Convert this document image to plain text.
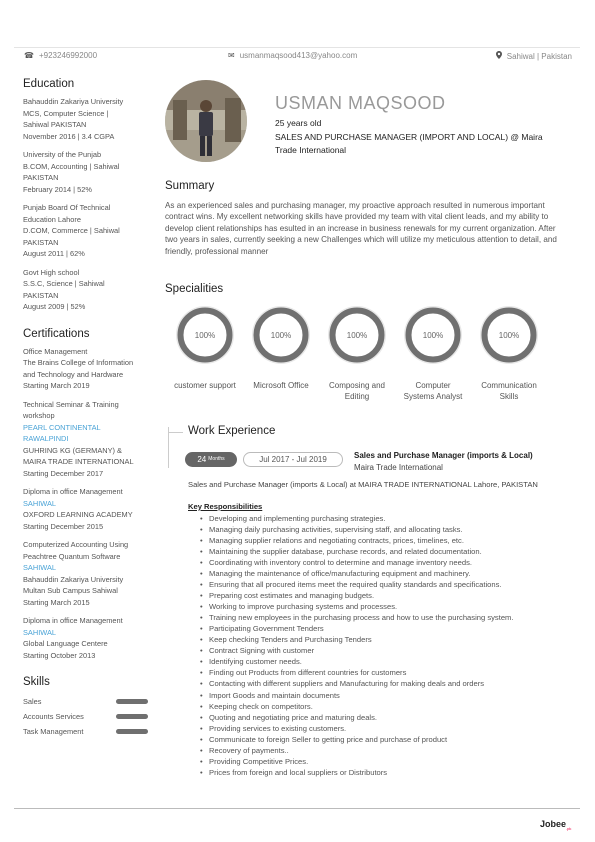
☎ +923246992000	✉ usmanmaqsood413@yahoo.com	Sahiwal | Pakistan
Education
Bahauddin Zakariya University
MCS, Computer Science |
Sahiwal PAKISTAN
November 2016 | 3.4 CGPA
University of the Punjab
B.COM, Accounting | Sahiwal
PAKISTAN
February 2014 | 52%
Punjab Board Of Technical
Education Lahore
D.COM, Commerce | Sahiwal
PAKISTAN
August 2011 | 62%
Govt High school
S.S.C, Science | Sahiwal
PAKISTAN
August 2009 | 52%
Certifications
Office Management
The Brains College of Information
and Technology and Hardware
Starting March 2019
Technical Seminar & Training
workshop
PEARL CONTINENTAL
RAWALPINDI
GUHRING KG (GERMANY) &
MAIRA TRADE INTERNATIONAL
Starting December 2017
Diploma in office Management
SAHIWAL
OXFORD LEARNING ACADEMY
Starting December 2015
Computerized Accounting Using
Peachtree Quantum Software
SAHIWAL
Bahauddin Zakariya University
Multan Sub Campus Sahiwal
Starting March 2015
Diploma in office Management
SAHIWAL
Global Language Centere
Starting October 2013
Skills
Sales
Accounts Services
Task Management
USMAN MAQSOOD
25 years old
SALES AND PURCHASE MANAGER (IMPORT AND LOCAL) @ Maira Trade International
Summary
As an experienced sales and purchasing manager, my proactive approach resulted in numerous important contract wins. My excellent networking skills have provided my team with vital client leads, and my ability to develop client relationships has esulted in an increase in business renewals for my current organization. After two years in sales, currently seeking a new Challenges which will utilize my meticulous attention to detail, and friendly, professional manner
Specialities
100%
customer support
100%
Microsoft Office
100%
Composing and Editing
100%
Computer Systems Analyst
100%
Communication Skills
Work Experience
24 $^{Months}$	Jul 2017 - Jul 2019	Sales and Purchase Manager (imports & Local)
Maira Trade International
Sales and Purchase Manager (imports & Local) at MAIRA TRADE INTERNATIONAL Lahore, PAKISTAN
Key Responsibilities
• Developing and implementing purchasing strategies.
• Managing daily purchasing activities, supervising staff, and allocating tasks.
• Managing supplier relations and negotiating contracts, prices, timelines, etc.
• Maintaining the supplier database, purchase records, and related documentation.
• Coordinating with inventory control to determine and manage inventory needs.
• Managing the maintenance of office/manufacturing equipment and machinery.
• Ensuring that all procured items meet the required quality standards and specifications.
• Preparing cost estimates and managing budgets.
• Working to improve purchasing systems and processes.
• Training new employees in the purchasing process and how to use the purchasing system.
• Participating Government Tenders
• Keep checking Tenders and Purchasing Tenders
• Contract Signing with customer
• Identifying customer needs.
• Finding out Products from different countries for customers
• Contacting with different suppliers and Manufacturing for making deals and orders
• Import Goods and maintain documents
• Keeping check on competitors.
• Quoting and negotiating price and maturing deals.
• Providing services to existing customers.
• Communicate to foreign Seller to getting price and purchase of product
• Recovery of payments..
• Providing Competitive Prices.
• Prices from foreign and local suppliers or Distributors
Jobee$_{.pk}$
